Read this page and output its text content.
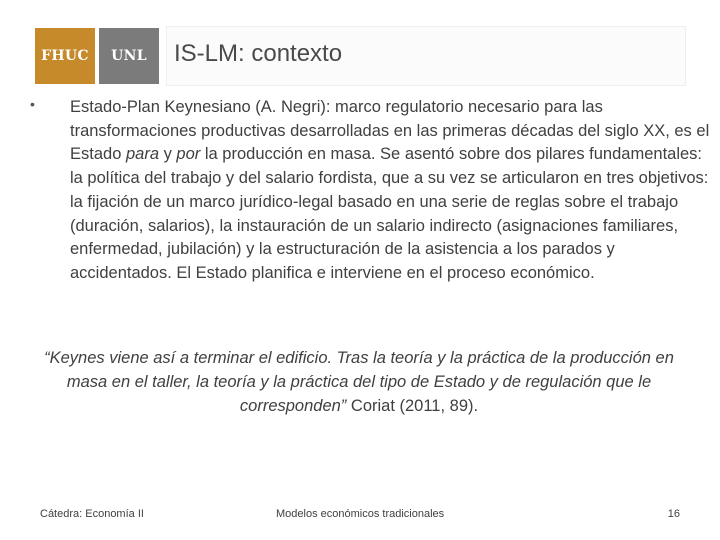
FHUC UNL IS-LM: contexto
• Estado-Plan Keynesiano (A. Negri): marco regulatorio necesario para las transformaciones productivas desarrolladas en las primeras décadas del siglo XX, es el Estado para y por la producción en masa. Se asentó sobre dos pilares fundamentales: la política del trabajo y del salario fordista, que a su vez se articularon en tres objetivos: la fijación de un marco jurídico-legal basado en una serie de reglas sobre el trabajo (duración, salarios), la instauración de un salario indirecto (asignaciones familiares, enfermedad, jubilación) y la estructuración de la asistencia a los parados y accidentados. El Estado planifica e interviene en el proceso económico.
“Keynes viene así a terminar el edificio. Tras la teoría y la práctica de la producción en masa en el taller, la teoría y la práctica del tipo de Estado y de regulación que le corresponden” Coriat (2011, 89).
Cátedra: Economía II	Modelos económicos tradicionales	16
